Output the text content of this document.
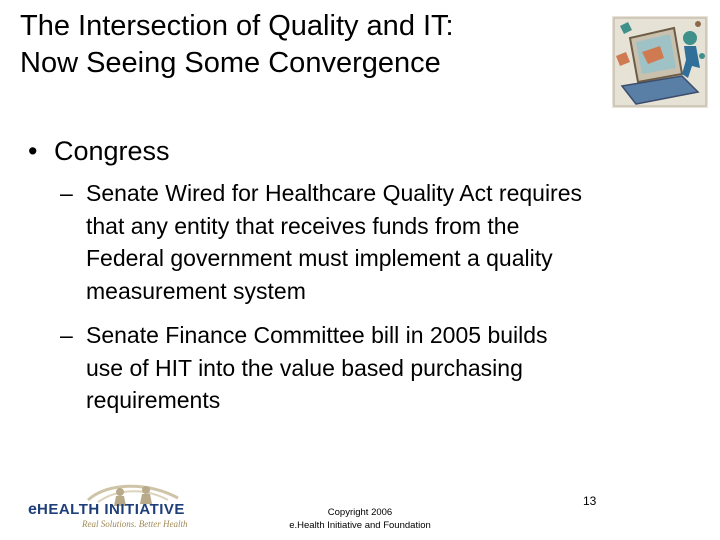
The Intersection of Quality and IT:
Now Seeing Some Convergence
• Congress
– Senate Wired for Healthcare Quality Act requires
that any entity that receives funds from the
Federal government must implement a quality
measurement system
– Senate Finance Committee bill in 2005 builds
use of HIT into the value based purchasing
requirements
e HEALTH INITIATIVE
Real Solutions. Better Health
Copyright 2006
e.Health Initiative and Foundation
13
